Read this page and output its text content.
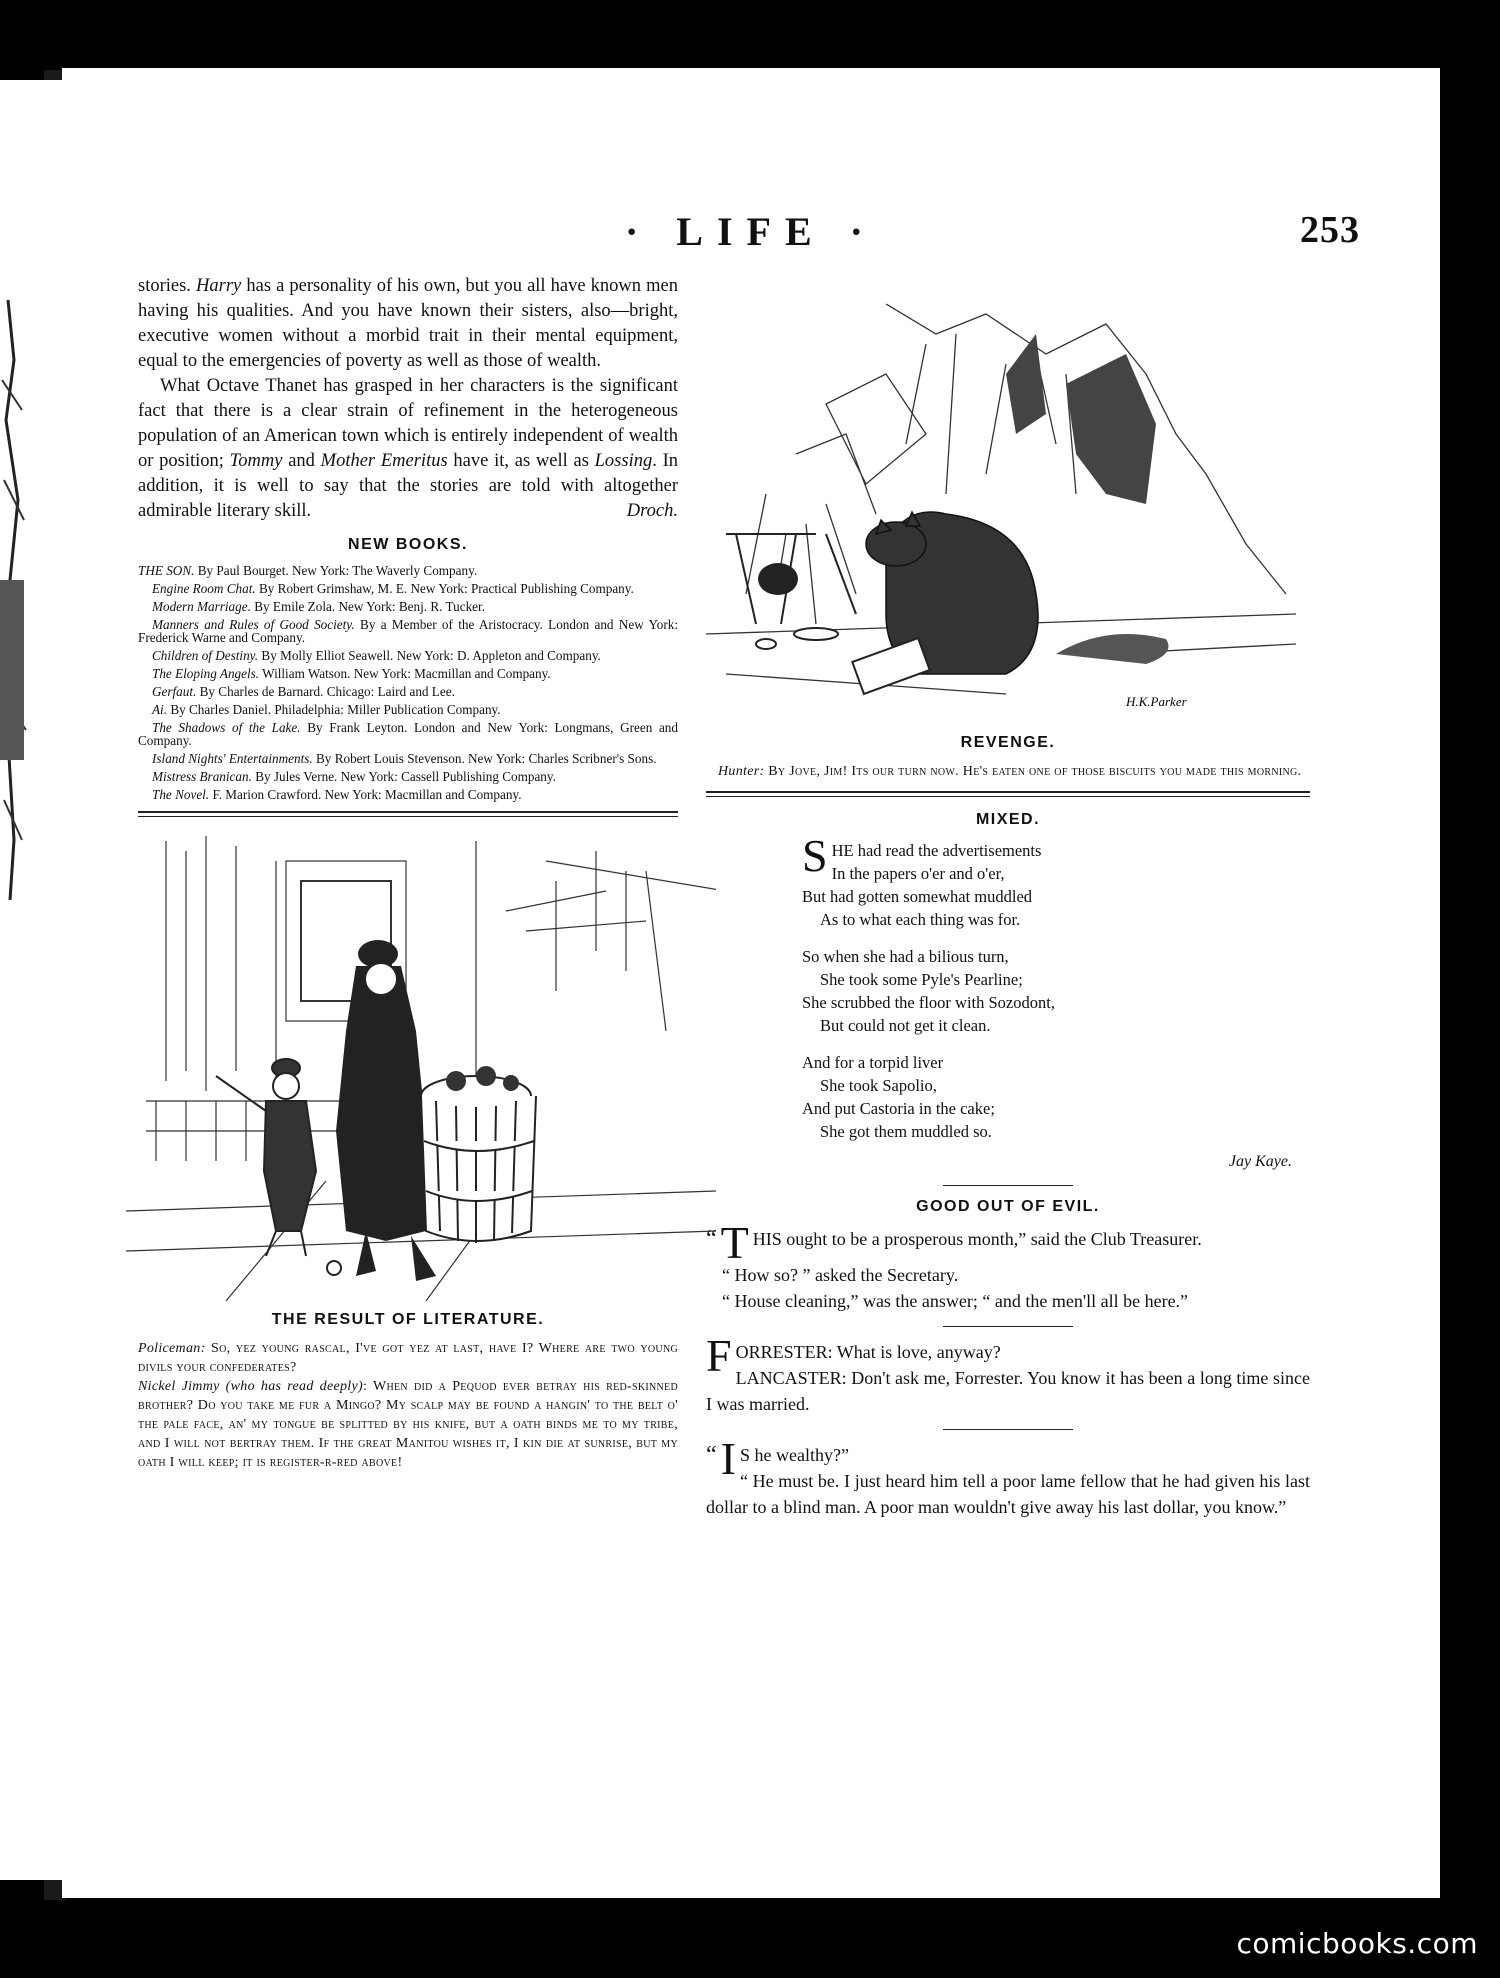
· LIFE ·	253

stories. Harry has a personality of his own, but you all have known men having his qualities. And you have known their sisters, also—bright, executive women without a morbid trait in their mental equipment, equal to the emergencies of poverty as well as those of wealth.

What Octave Thanet has grasped in her characters is the significant fact that there is a clear strain of refinement in the heterogeneous population of an American town which is entirely independent of wealth or position; Tommy and Mother Emeritus have it, as well as Lossing. In addition, it is well to say that the stories are told with altogether admirable literary skill.	Droch.

NEW BOOKS.

THE SON. By Paul Bourget. New York: The Waverly Company.

Engine Room Chat. By Robert Grimshaw, M. E. New York: Practical Publishing Company.

Modern Marriage. By Emile Zola. New York: Benj. R. Tucker.

Manners and Rules of Good Society. By a Member of the Aristocracy. London and New York: Frederick Warne and Company.

Children of Destiny. By Molly Elliot Seawell. New York: D. Appleton and Company.

The Eloping Angels. William Watson. New York: Macmillan and Company.

Gerfaut. By Charles de Barnard. Chicago: Laird and Lee.

Ai. By Charles Daniel. Philadelphia: Miller Publication Company.

The Shadows of the Lake. By Frank Leyton. London and New York: Longmans, Green and Company.

Island Nights' Entertainments. By Robert Louis Stevenson. New York: Charles Scribner's Sons.

Mistress Branican. By Jules Verne. New York: Cassell Publishing Company.

The Novel. F. Marion Crawford. New York: Macmillan and Company.

THE RESULT OF LITERATURE.

Policeman: So, yez young rascal, I've got yez at last, have I? Where are two young divils your confederates?
Nickel Jimmy (who has read deeply): When did a Pequod ever betray his red-skinned brother? Do you take me fur a Mingo? My scalp may be found a hangin' to the belt o' the pale face, an' my tongue be splitted by his knife, but a oath binds me to my tribe, and I will not bertray them. If the great Manitou wishes it, I kin die at sunrise, but my oath I will keep; it is register-r-red above!

H.K.Parker
REVENGE.

Hunter: By Jove, Jim! Its our turn now. He's eaten one of those biscuits you made this morning.

MIXED.
S HE had read the advertisements
In the papers o'er and o'er,
But had gotten somewhat muddled
As to what each thing was for.
So when she had a bilious turn,
She took some Pyle's Pearline;
She scrubbed the floor with Sozodont,
But could not get it clean.
And for a torpid liver
She took Sapolio,
And put Castoria in the cake;
She got them muddled so.
Jay Kaye.
GOOD OUT OF EVIL.

“ T HIS ought to be a prosperous month,” said the Club Treasurer.

“ How so? ” asked the Secretary.

“ House cleaning,” was the answer; “ and the men'll all be here.”

FORRESTER: What is love, anyway?
LANCASTER: Don't ask me, Forrester. You know it has been a long time since I was married.

“ I S he wealthy?”
“ He must be. I just heard him tell a poor lame fellow that he had given his last dollar to a blind man. A poor man wouldn't give away his last dollar, you know.”

comicbooks.com
